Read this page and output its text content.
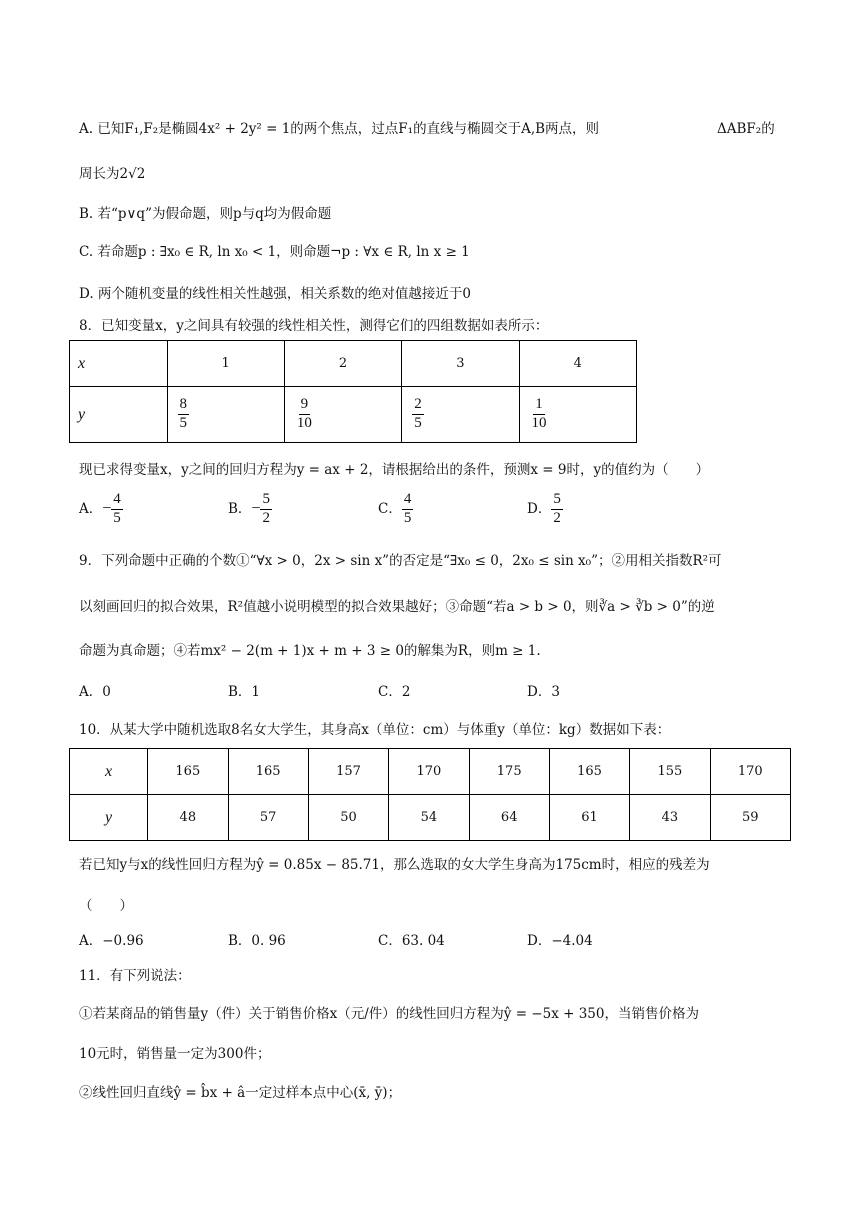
A. 已知F₁,F₂是椭圆4x² + 2y² = 1的两个焦点，过点F₁的直线与椭圆交于A,B两点，则	ΔABF₂的
周长为2√2
B. 若“p∨q”为假命题，则p与q均为假命题
C. 若命题p : ∃x₀ ∈ R, ln x₀ < 1，则命题¬p : ∀x ∈ R, ln x ≥ 1
D. 两个随机变量的线性相关性越强，相关系数的绝对值越接近于0
8．已知变量x，y之间具有较强的线性相关性，测得它们的四组数据如表所示：
x	1	2	3	4
y	$\frac{8}{5}$	$\frac{9}{10}$	$\frac{2}{5}$	$\frac{1}{10}$
现已求得变量x，y之间的回归方程为y = ax + 2，请根据给出的条件，预测x = 9时，y的值约为（　　）
A．− $\frac{4}{5}$	B．− $\frac{5}{2}$	C． $\frac{4}{5}$	D． $\frac{5}{2}$
9．下列命题中正确的个数①“∀x > 0，2x > sin x”的否定是“∃x₀ ≤ 0，2x₀ ≤ sin x₀”；②用相关指数R²可
以刻画回归的拟合效果，R²值越小说明模型的拟合效果越好；③命题“若a > b > 0，则∛a > ∛b > 0”的逆
命题为真命题；④若mx² − 2(m + 1)x + m + 3 ≥ 0的解集为R，则m ≥ 1.
A．0	B．1	C．2	D．3
10．从某大学中随机选取8名女大学生，其身高x（单位：cm）与体重y（单位：kg）数据如下表：
x	165	165	157	170	175	165	155	170
y	48	57	50	54	64	61	43	59
若已知y与x的线性回归方程为ŷ = 0.85x − 85.71，那么选取的女大学生身高为175cm时，相应的残差为
（　　）
A．−0.96	B．0. 96	C．63. 04	D．−4.04
11．有下列说法：
①若某商品的销售量y（件）关于销售价格x（元/件）的线性回归方程为ŷ = −5x + 350，当销售价格为
10元时，销售量一定为300件；
②线性回归直线ŷ = b̂x + â一定过样本点中心(x̄, ȳ)；
